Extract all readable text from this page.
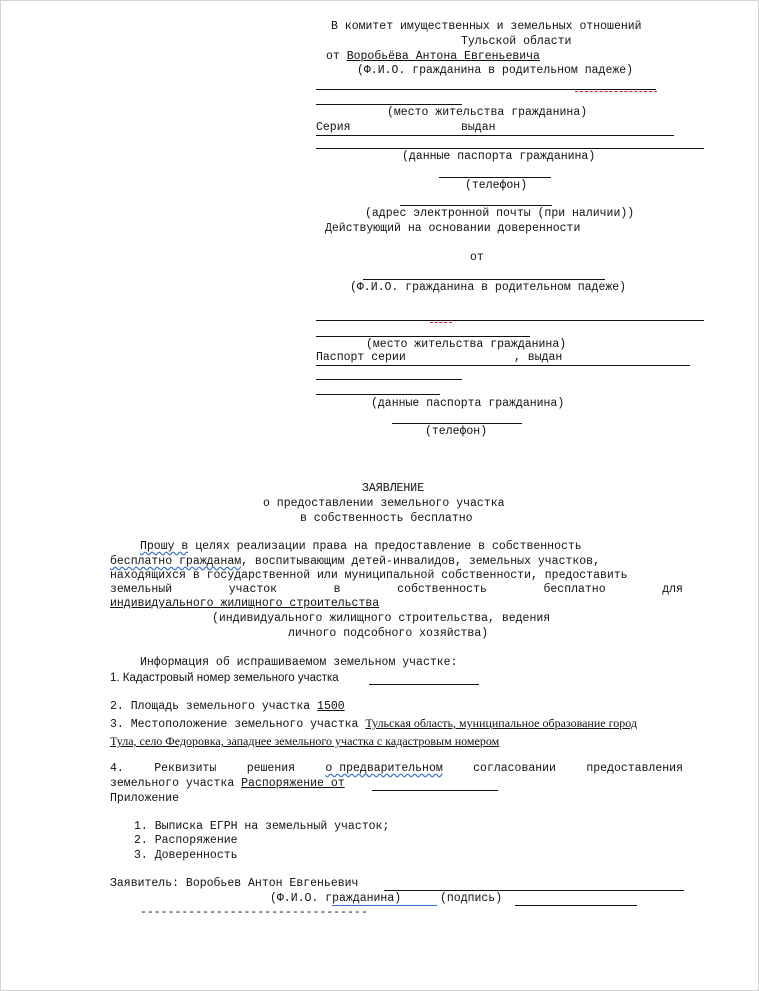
В комитет имущественных и земельных отношений
Тульской области
от Воробьёва Антона Евгеньевича
(Ф.И.О. гражданина в родительном падеже)
(место жительства гражданина)
Серия	выдан
(данные паспорта гражданина)
(телефон)
(адрес электронной почты (при наличии))
Действующий на основании доверенности
от
(Ф.И.О. гражданина в родительном падеже)
(место жительства гражданина)
Паспорт серии	, выдан
(данные паспорта гражданина)
(телефон)
ЗАЯВЛЕНИЕ
о предоставлении земельного участка
в собственность бесплатно
Прошу в целях реализации права на предоставление в собственность
бесплатно гражданам, воспитывающим детей-инвалидов, земельных участков,
находящихся в государственной или муниципальной собственности, предоставить
земельный	участок	в	собственность	бесплатно	для
индивидуального жилищного строительства
(индивидуального жилищного строительства, ведения
личного подсобного хозяйства)
Информация об испрашиваемом земельном участке:
1. Кадастровый номер земельного участка
2. Площадь земельного участка 1500
3. Местоположение земельного участка Тульская область, муниципальное образование город
Тула, село Федоровка, западнее земельного участка с кадастровым номером
4.	Реквизиты	решения	о предварительном	согласовании	предоставления
земельного участка Распоряжение от
Приложение
1. Выписка ЕГРН на земельный участок;
2. Распоряжение
3. Доверенность
Заявитель: Воробьев Антон Евгеньевич
(Ф.И.О. гражданина)	(подпись)
---------------------------------
